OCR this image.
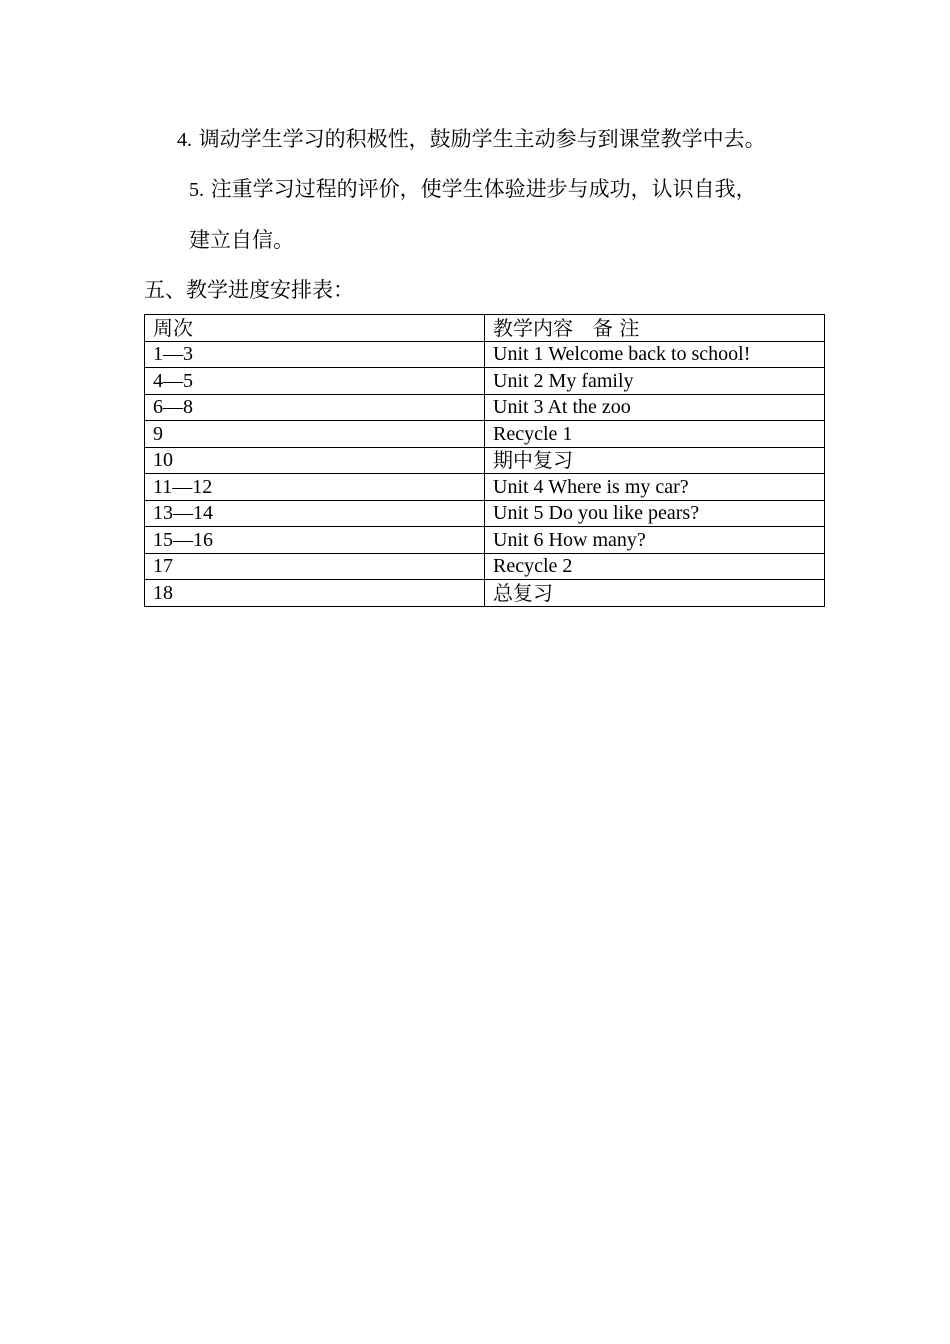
4. 调动学生学习的积极性，鼓励学生主动参与到课堂教学中去。
5. 注重学习过程的评价，使学生体验进步与成功，认识自我，
建立自信。
五、教学进度安排表：
周次	教学内容　备 注
1—3	Unit 1 Welcome back to school!
4—5	Unit 2 My family
6—8	Unit 3 At the zoo
9	Recycle 1
10	期中复习
11—12	Unit 4 Where is my car?
13—14	Unit 5 Do you like pears?
15—16	Unit 6 How many?
17	Recycle 2
18	总复习
